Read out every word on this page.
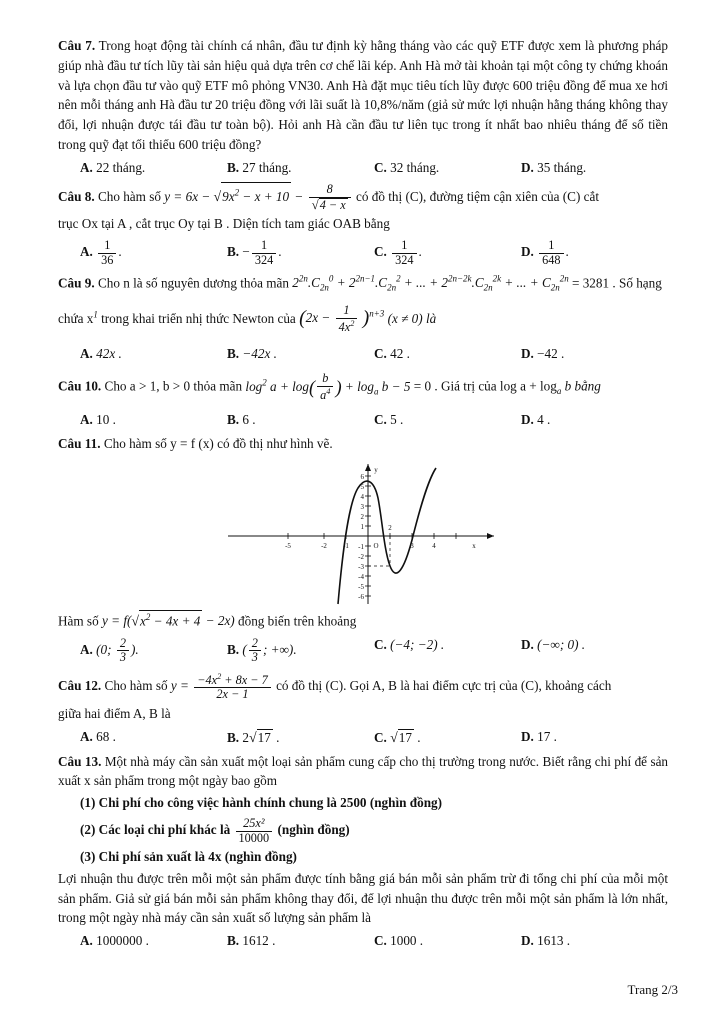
Câu 7. Trong hoạt động tài chính cá nhân, đầu tư định kỳ hằng tháng vào các quỹ ETF được xem là phương pháp giúp nhà đầu tư tích lũy tài sản hiệu quả dựa trên cơ chế lãi kép. Anh Hà mở tài khoản tại một công ty chứng khoán và lựa chọn đầu tư vào quỹ ETF mô phỏng VN30. Anh Hà đặt mục tiêu tích lũy được 600 triệu đồng để mua xe hơi nên mỗi tháng anh Hà đầu tư 20 triệu đồng với lãi suất là 10,8%/năm (giả sử mức lợi nhuận hằng tháng không thay đổi, lợi nhuận được tái đầu tư toàn bộ). Hỏi anh Hà cần đầu tư liên tục trong ít nhất bao nhiêu tháng để số tiền trong quỹ đạt tối thiểu 600 triệu đồng?
A. 22 tháng.	B. 27 tháng.	C. 32 tháng.	D. 35 tháng.
Câu 8. Cho hàm số $y = 6x - √9x^2 - x + 10 - \frac{8}{√4 - x}$ có đồ thị (C), đường tiệm cận xiên của (C) cắt
trục Ox tại A , cắt trục Oy tại B . Diện tích tam giác OAB bằng
A. $\frac{1}{36}$ .	B. − $\frac{1}{324}$ .	C. $\frac{1}{324}$ .	D. $\frac{1}{648}$ .
Câu 9. Cho n là số nguyên dương thỏa mãn $2^{2n}.C_{2n}^0 + 2^{2n-1}.C_{2n}^2$ + ... + $2^{2n-2k}.C_{2n}^{2k}$ + ... + $C_{2n}^{2n} = 3281$ . Số hạng
chứa $x^1$ trong khai triển nhị thức Newton của $(2x - \frac{1}{4x^2} )^{n+3}$ (x ≠ 0) là
A. 42x .	B. −42x .	C. 42 .	D. −42 .
Câu 10. Cho a > 1, b > 0 thỏa mãn $\log^2 a + \log( \frac{b}{a^4}$ ) + $\log_a b - 5 = 0$ . Giá trị của $\log a + \log_a b$ bằng
A. 10 .	B. 6 .	C. 5 .	D. 4 .
Câu 11. Cho hàm số y = f (x) có đồ thị như hình vẽ.
-5	-2 -1
2
3	4
O	x
y
6
5
4
3
2
1
-1
-2
-3
-4
-5
-6
Hàm số $y = f(√x^2 - 4x + 4 - 2x)$ đồng biến trên khoảng
A. (0; $\frac{2}{3}$ ).	B. ( $\frac{2}{3}$ ; +∞).	C. (−4; −2) .	D. (−∞; 0) .
Câu 12. Cho hàm số $y = \frac{-4x^2 + 8x - 7}{2x - 1}$ có đồ thị (C). Gọi A, B là hai điểm cực trị của (C), khoảng cách
giữa hai điểm A, B là
A. 68 .	B. 2√17 .	C. √17 .	D. 17 .
Câu 13. Một nhà máy cần sản xuất một loại sản phẩm cung cấp cho thị trường trong nước. Biết rằng chi phí để sản xuất x sản phẩm trong một ngày bao gồm
(1) Chi phí cho công việc hành chính chung là 2500 (nghìn đồng)
(2) Các loại chi phí khác là $\frac{\text{25x²}}{10000}$ (nghìn đồng)
(3) Chi phí sản xuất là 4x (nghìn đồng)
Lợi nhuận thu được trên mỗi một sản phẩm được tính bằng giá bán mỗi sản phẩm trừ đi tổng chi phí của mỗi một sản phẩm. Giả sử giá bán mỗi sản phẩm không thay đổi, để lợi nhuận thu được trên mỗi một sản phẩm là lớn nhất, trong một ngày nhà máy cần sản xuất số lượng sản phẩm là
A. 1000000 .	B. 1612 .	C. 1000 .	D. 1613 .
Trang 2/3
